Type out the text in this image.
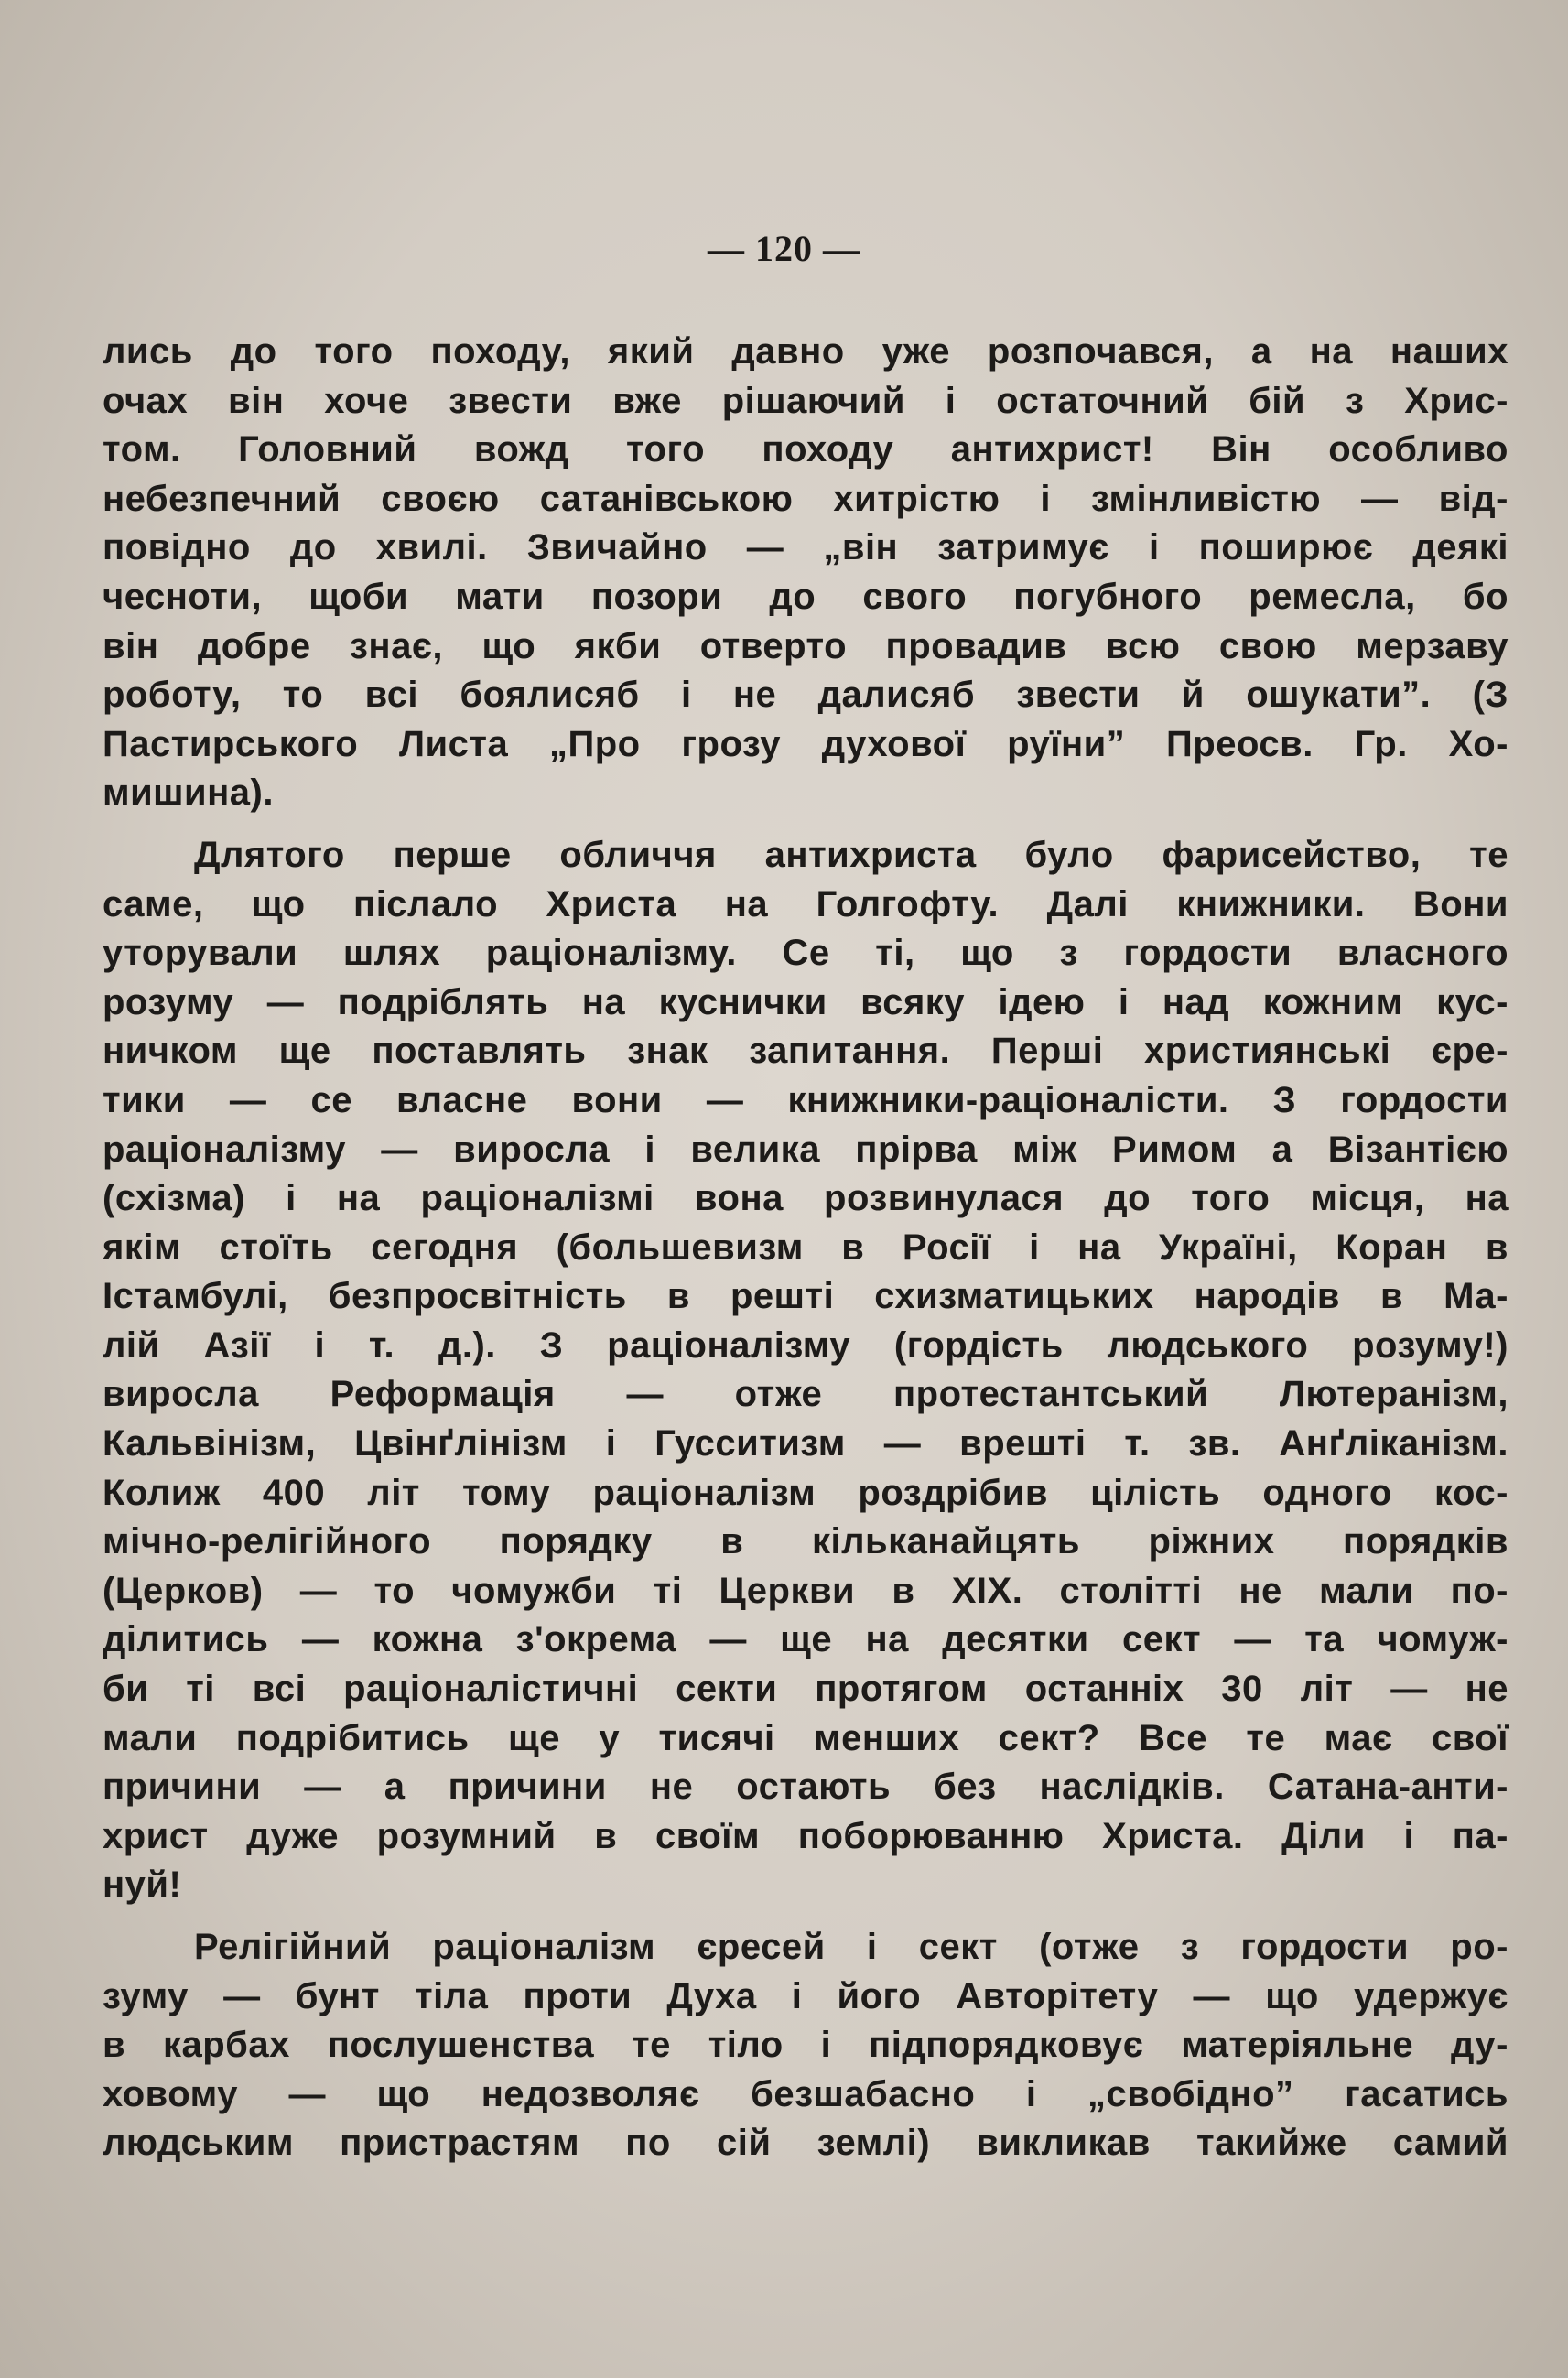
— 120 —
лись до того походу, який давно уже розпочався, а на наших
очах він хоче звести вже рішаючий і остаточний бій з Хрис-
том. Головний вожд того походу антихрист! Він особливо
небезпечний своєю сатанівською хитрістю і змінливістю — від-
повідно до хвилі. Звичайно — „він затримує і поширює деякі
чесноти, щоби мати позори до свого погубного ремесла, бо
він добре знає, що якби отверто провадив всю свою мерзаву
роботу, то всі боялисяб і не далисяб звести й ошукати”. (З
Пастирського Листа „Про грозу духової руїни” Преосв. Гр. Хо-
мишина).
Длятого перше обличчя антихриста було фарисейство, те
саме, що післало Христа на Голгофту. Далі книжники. Вони
уторували шлях раціоналізму. Се ті, що з гордости власного
розуму — подріблять на куснички всяку ідею і над кожним кус-
ничком ще поставлять знак запитання. Перші християнські єре-
тики — се власне вони — книжники-раціоналісти. З гордости
раціоналізму — виросла і велика прірва між Римом а Візантією
(схізма) і на раціоналізмі вона розвинулася до того місця, на
якім стоїть сегодня (большевизм в Росії і на Україні, Коран в
Істамбулі, безпросвітність в решті схизматицьких народів в Ма-
лій Азії і т. д.). З раціоналізму (гордість людського розуму!)
виросла Реформація — отже протестантський Лютеранізм,
Кальвінізм, Цвінґлінізм і Гусситизм — врешті т. зв. Анґліканізм.
Колиж 400 літ тому раціоналізм роздрібив цілість одного кос-
мічно-релігійного порядку в кільканайцять ріжних порядків
(Церков) — то чомужби ті Церкви в XIX. столітті не мали по-
ділитись — кожна з'окрема — ще на десятки сект — та чомуж-
би ті всі раціоналістичні секти протягом останніх 30 літ — не
мали подрібитись ще у тисячі менших сект? Все те має свої
причини — а причини не остають без наслідків. Сатана-анти-
христ дуже розумний в своїм поборюванню Христа. Діли і па-
нуй!
Релігійний раціоналізм єресей і сект (отже з гордости ро-
зуму — бунт тіла проти Духа і його Авторітету — що удержує
в карбах послушенства те тіло і підпорядковує матеріяльне ду-
ховому — що недозволяє безшабасно і „свобідно” гасатись
людським пристрастям по сій землі) викликав такийже самий
